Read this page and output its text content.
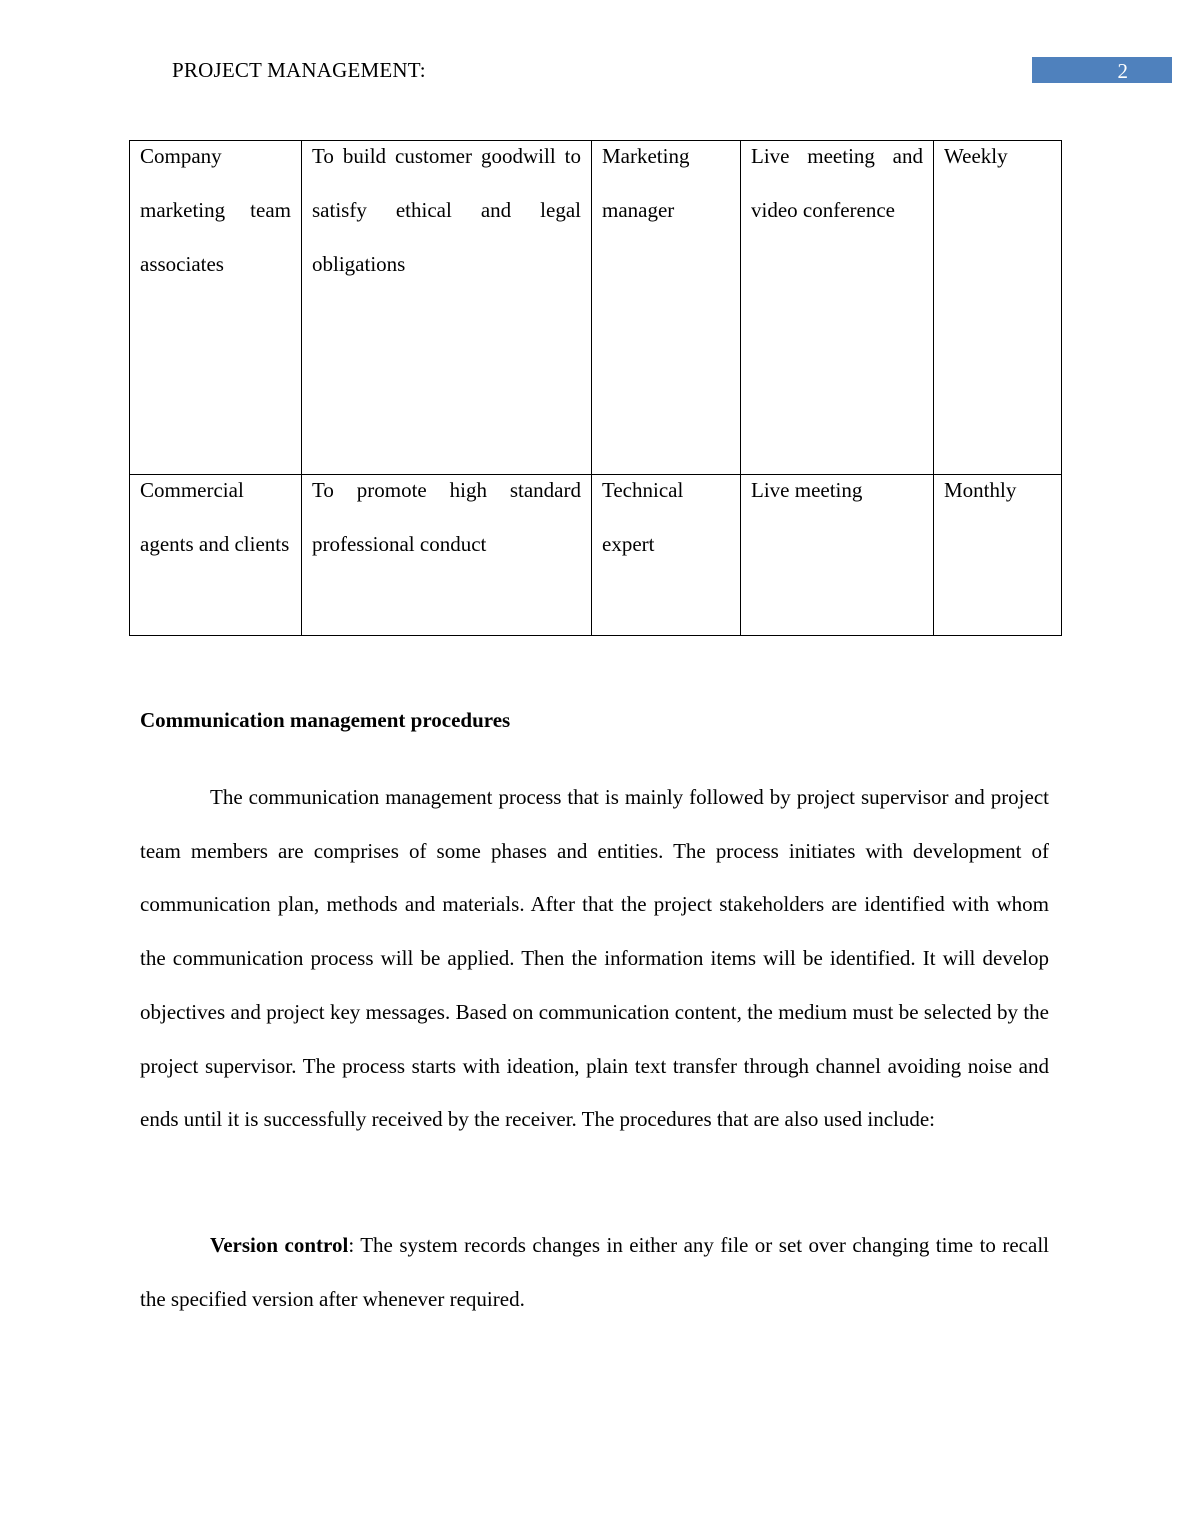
PROJECT MANAGEMENT:	2
Company marketing team associates	To build customer goodwill to satisfy ethical and legal obligations	Marketing manager	Live meeting and video conference	Weekly

Commercial agents and clients	To promote high standard professional conduct	Technical expert	Live meeting	Monthly
Communication management procedures

The communication management process that is mainly followed by project supervisor and project team members are comprises of some phases and entities. The process initiates with development of communication plan, methods and materials. After that the project stakeholders are identified with whom the communication process will be applied. Then the information items will be identified. It will develop objectives and project key messages. Based on communication content, the medium must be selected by the project supervisor. The process starts with ideation, plain text transfer through channel avoiding noise and ends until it is successfully received by the receiver. The procedures that are also used include:

Version control: The system records changes in either any file or set over changing time to recall the specified version after whenever required.
